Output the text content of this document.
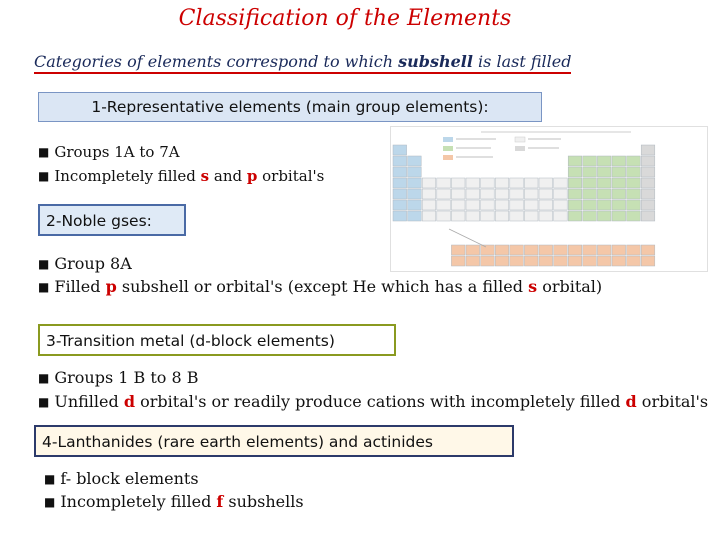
Classification of the Elements
Categories of elements correspond to which subshell is last filled
1-Representative elements (main group elements):
■ Groups 1A to 7A
■ Incompletely filled s and p orbital's
2-Noble gses:
■ Group 8A
■ Filled p subshell or orbital's (except He which has a filled s orbital)
3-Transition metal (d-block elements)
■ Groups 1 B to 8 B
■ Unfilled d orbital's or readily produce cations with incompletely filled d orbital's
4-Lanthanides (rare earth elements) and actinides
■ f- block elements
■ Incompletely filled f subshells
